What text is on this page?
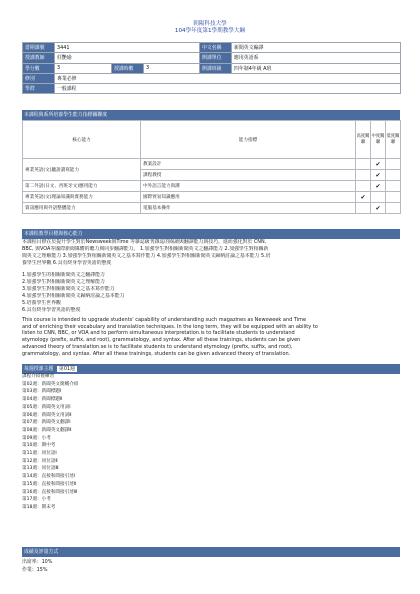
朝陽科技大學
104學年度第1學期教學大綱
當期課號	3441			中文名稱	新聞英文編譯
授課教師	莊艷瑜			開課單位	應用英語系
學分數	3	授課時數	3	開課班級	四年制4年級 A班
修別	專業必修				
學群	一般課程				
本課程與系所培養學生能力指標關聯度
核心能力	能力指標	高度關聯	中度關聯	低度關聯
專業英語(文)聽說讀寫能力	教案設計		✔	
	課程教授		✔	
第二外語(日文、西班牙文)應用能力	中外語言能力與溝		✔	
專業英語(文)理論知識與實務能力	國際貿易知識應用	✔		
資訊應用與外語整體能力	電腦基本操作		✔	
本課程教學目標與核心能力
本課程目標在於提升學生對於Newsweek與Time 等雜誌級刊雜誌的閱讀與翻譯能力與技巧，進而強化對於 CNN、
BBC, 與VOA等國際新聞媒體的聽力與同步翻譯能力。 1.加強學生對相關新聞英文之翻譯能力 2.加強學生對相關新
聞英文之理解能力 3.加強學生對相關新聞英文之基本寫作能力 4.加強學生對相關新聞英文歸納討論之基本能力 5.培
養學生世界觀 6.具有終身學習英語的態度
1.加強學生的相關新聞英文之翻譯能力
2.加強學生對相關新聞英文之理解能力
3.加強學生對相關新聞英文之基本寫作能力
4.加強學生對相關新聞英文歸納討論之基本能力
5.培養學生世界觀
6.具有終身學習英語的態度
This course is intended to upgrade students' capability of understanding such magazines as Newsweek and Time
and of enriching their vocabulary and translation techniques. In the long term, they will be equipped with an ability to
listen to CNN, BBC, or VOA and to perform simultaneous interpretation.is to facilitate students to understand
etymology (prefix, suffix, and root), grammatology, and syntax. After all these trainings, students can be given
advanced theory of translation.se is to facilitate students to understand etymology (prefix, suffix, and root),
grammatology, and syntax. After all these trainings, students can be given advanced theory of translation.
每週授課主題 第01週
課程介紹暨練習
第02週：新聞英文簡概介紹
第03週：新聞標題Ⅰ
第04週：新聞標題Ⅱ
第05週：新聞英文用詞Ⅰ
第06週：新聞英文用詞Ⅱ
第07週：新聞英文翻譯Ⅰ
第08週：新聞英文翻譯Ⅱ
第09週：小考
第10週：期中考
第11週：同位語Ⅰ
第12週：同位語Ⅱ
第13週：同位語Ⅲ
第14週：直接和間接引述Ⅰ
第15週：直接和間接引述Ⅱ
第16週：直接和間接引述Ⅲ
第17週：小考
第18週：期末考
成績及評量方式
出席率：10%
作業：15%
